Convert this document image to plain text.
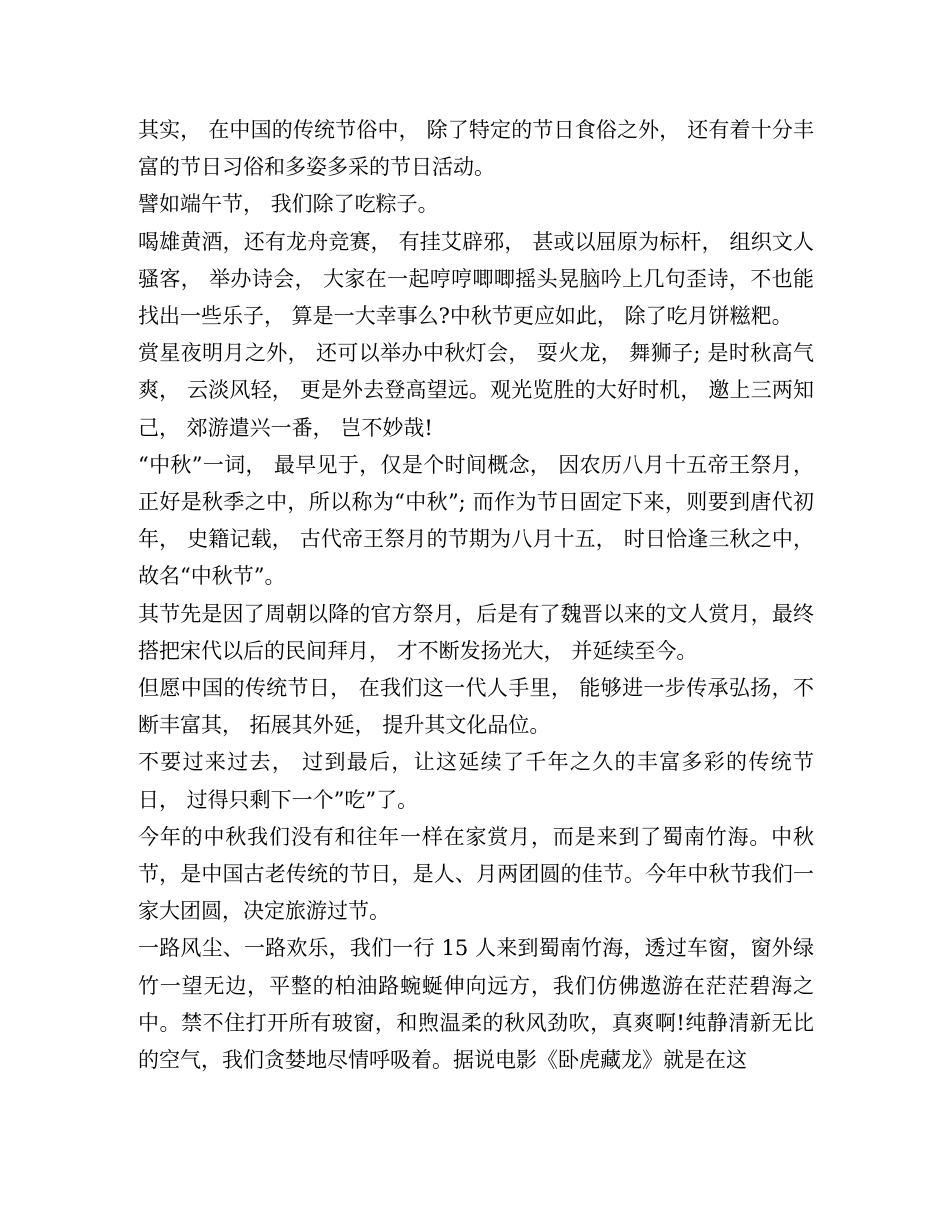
其实， 在中国的传统节俗中， 除了特定的节日食俗之外， 还有着十分丰富的节日习俗和多姿多采的节日活动。

譬如端午节， 我们除了吃粽子。

喝雄黄酒，还有龙舟竞赛， 有挂艾辟邪， 甚或以屈原为标杆， 组织文人骚客， 举办诗会， 大家在一起哼哼唧唧摇头晃脑吟上几句歪诗，不也能找出一些乐子， 算是一大幸事么?中秋节更应如此， 除了吃月饼糍粑。

赏星夜明月之外， 还可以举办中秋灯会， 耍火龙， 舞狮子; 是时秋高气爽， 云淡风轻， 更是外去登高望远。观光览胜的大好时机， 邀上三两知己， 郊游遣兴一番， 岂不妙哉!

“中秋”一词， 最早见于，仅是个时间概念， 因农历八月十五帝王祭月， 正好是秋季之中，所以称为“中秋”; 而作为节日固定下来，则要到唐代初年， 史籍记载， 古代帝王祭月的节期为八月十五， 时日恰逢三秋之中， 故名“中秋节”。

其节先是因了周朝以降的官方祭月，后是有了魏晋以来的文人赏月，最终搭把宋代以后的民间拜月， 才不断发扬光大， 并延续至今。

但愿中国的传统节日， 在我们这一代人手里， 能够进一步传承弘扬，不断丰富其， 拓展其外延， 提升其文化品位。

不要过来过去， 过到最后，让这延续了千年之久的丰富多彩的传统节日， 过得只剩下一个”吃”了。

今年的中秋我们没有和往年一样在家赏月，而是来到了蜀南竹海。中秋节，是中国古老传统的节日，是人、月两团圆的佳节。今年中秋节我们一家大团圆，决定旅游过节。

一路风尘、一路欢乐，我们一行 15 人来到蜀南竹海，透过车窗，窗外绿竹一望无边，平整的柏油路蜿蜒伸向远方，我们仿佛遨游在茫茫碧海之中。禁不住打开所有玻窗，和煦温柔的秋风劲吹，真爽啊!纯静清新无比的空气，我们贪婪地尽情呼吸着。据说电影《卧虎藏龙》就是在这
